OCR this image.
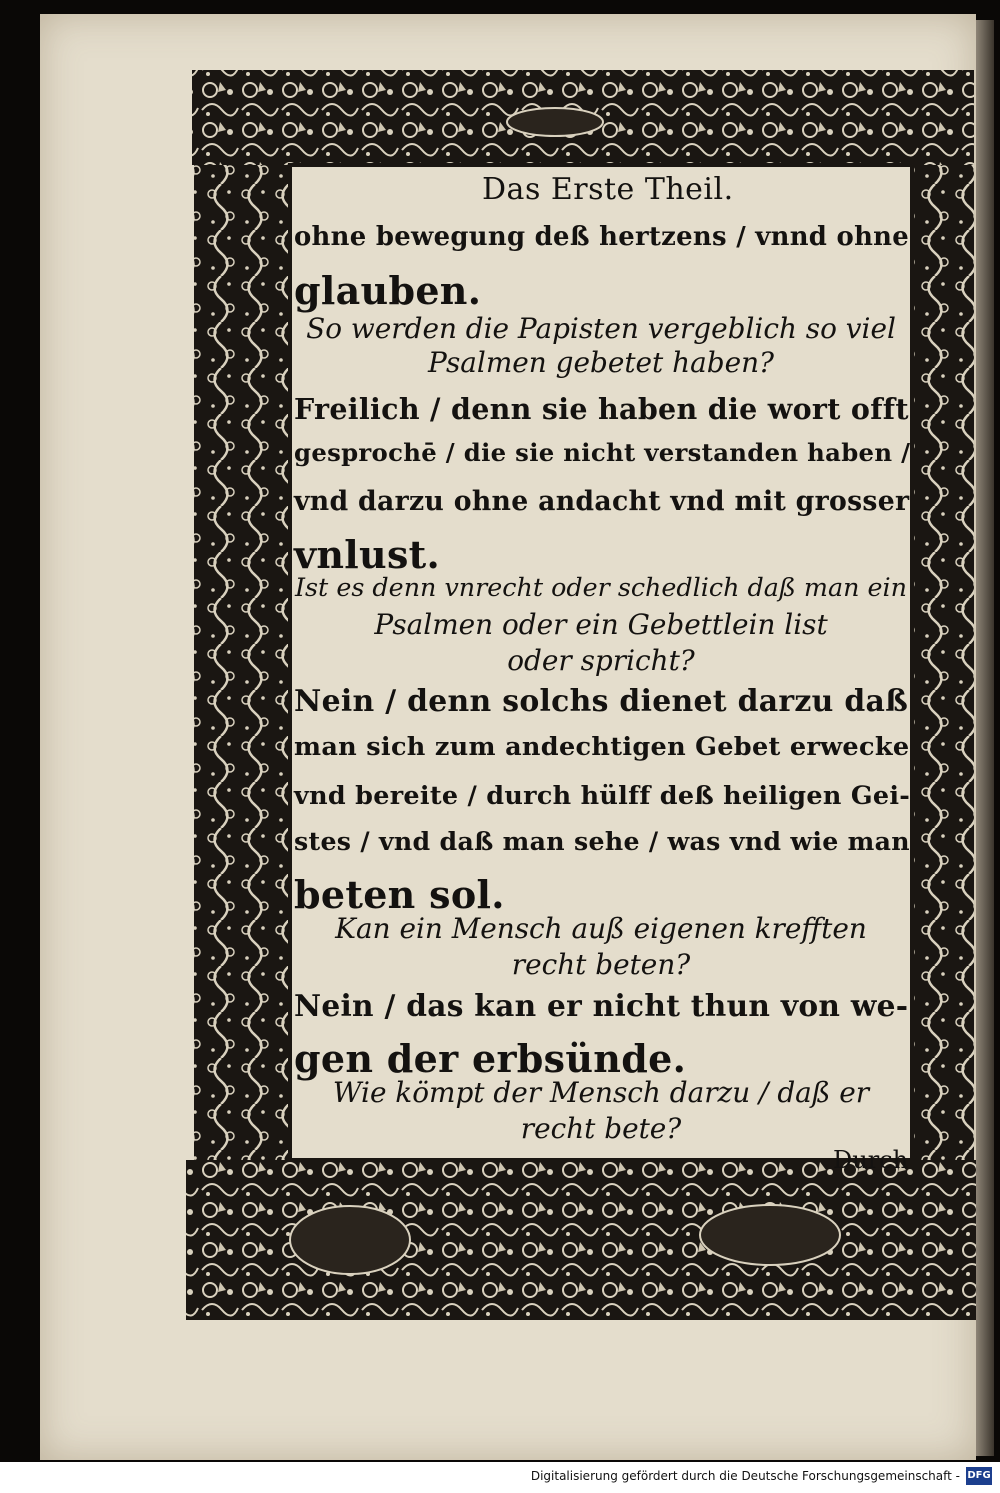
Das Erste Theil.
ohne bewegung deß hertzens / vnnd ohne
glauben.
So werden die Papisten vergeblich so viel
Psalmen gebetet haben?
Freilich / denn sie haben die wort offt
gesprochē / die sie nicht verstanden haben /
vnd darzu ohne andacht vnd mit grosser
vnlust.
Ist es denn vnrecht oder schedlich daß man ein
Psalmen oder ein Gebettlein list
oder spricht?
Nein / denn solchs dienet darzu daß
man sich zum andechtigen Gebet erwecke
vnd bereite / durch hülff deß heiligen Gei-
stes / vnd daß man sehe / was vnd wie man
beten sol.
Kan ein Mensch auß eigenen krefften
recht beten?
Nein / das kan er nicht thun von we-
gen der erbsünde.
Wie kömpt der Mensch darzu / daß er
recht bete?
Durch
Digitalisierung gefördert durch die Deutsche Forschungsgemeinschaft - DFG
